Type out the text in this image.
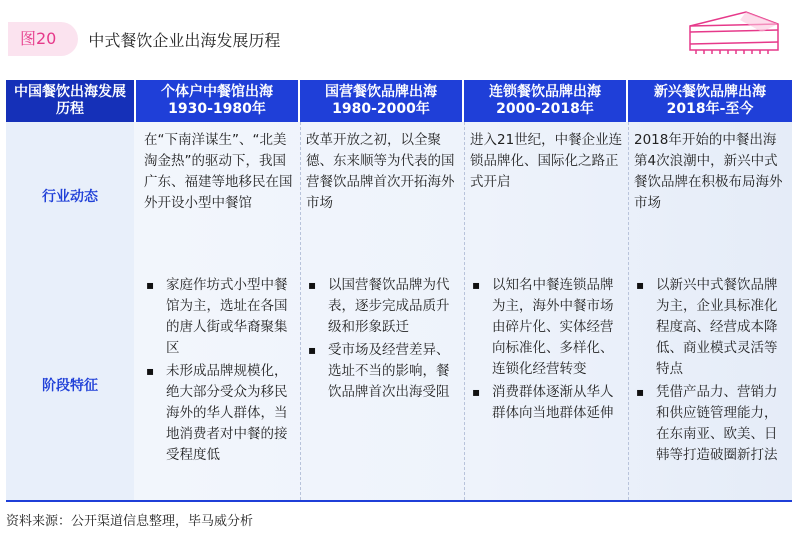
图20	中式餐饮企业出海发展历程
中国餐饮出海发展
历程
个体户中餐馆出海
1930-1980年
国营餐饮品牌出海
1980-2000年
连锁餐饮品牌出海
2000-2018年
新兴餐饮品牌出海
2018年-至今
行业动态
在“下南洋谋生”、“北美淘金热”的驱动下，我国广东、福建等地移民在国外开设小型中餐馆
改革开放之初，以全聚德、东来顺等为代表的国营餐饮品牌首次开拓海外市场
进入21世纪，中餐企业连锁品牌化、国际化之路正式开启
2018年开始的中餐出海第4次浪潮中，新兴中式餐饮品牌在积极布局海外市场
阶段特征
▪ 家庭作坊式小型中餐馆为主，选址在各国的唐人街或华裔聚集区
▪ 未形成品牌规模化，绝大部分受众为移民海外的华人群体，当地消费者对中餐的接受程度低
▪ 以国营餐饮品牌为代表，逐步完成品质升级和形象跃迁
▪ 受市场及经营差异、选址不当的影响，餐饮品牌首次出海受阻
▪ 以知名中餐连锁品牌为主，海外中餐市场由碎片化、实体经营向标准化、多样化、连锁化经营转变
▪ 消费群体逐渐从华人群体向当地群体延伸
▪ 以新兴中式餐饮品牌为主，企业具标准化程度高、经营成本降低、商业模式灵活等特点
▪ 凭借产品力、营销力和供应链管理能力，在东南亚、欧美、日韩等打造破圈新打法
资料来源：公开渠道信息整理，毕马威分析
